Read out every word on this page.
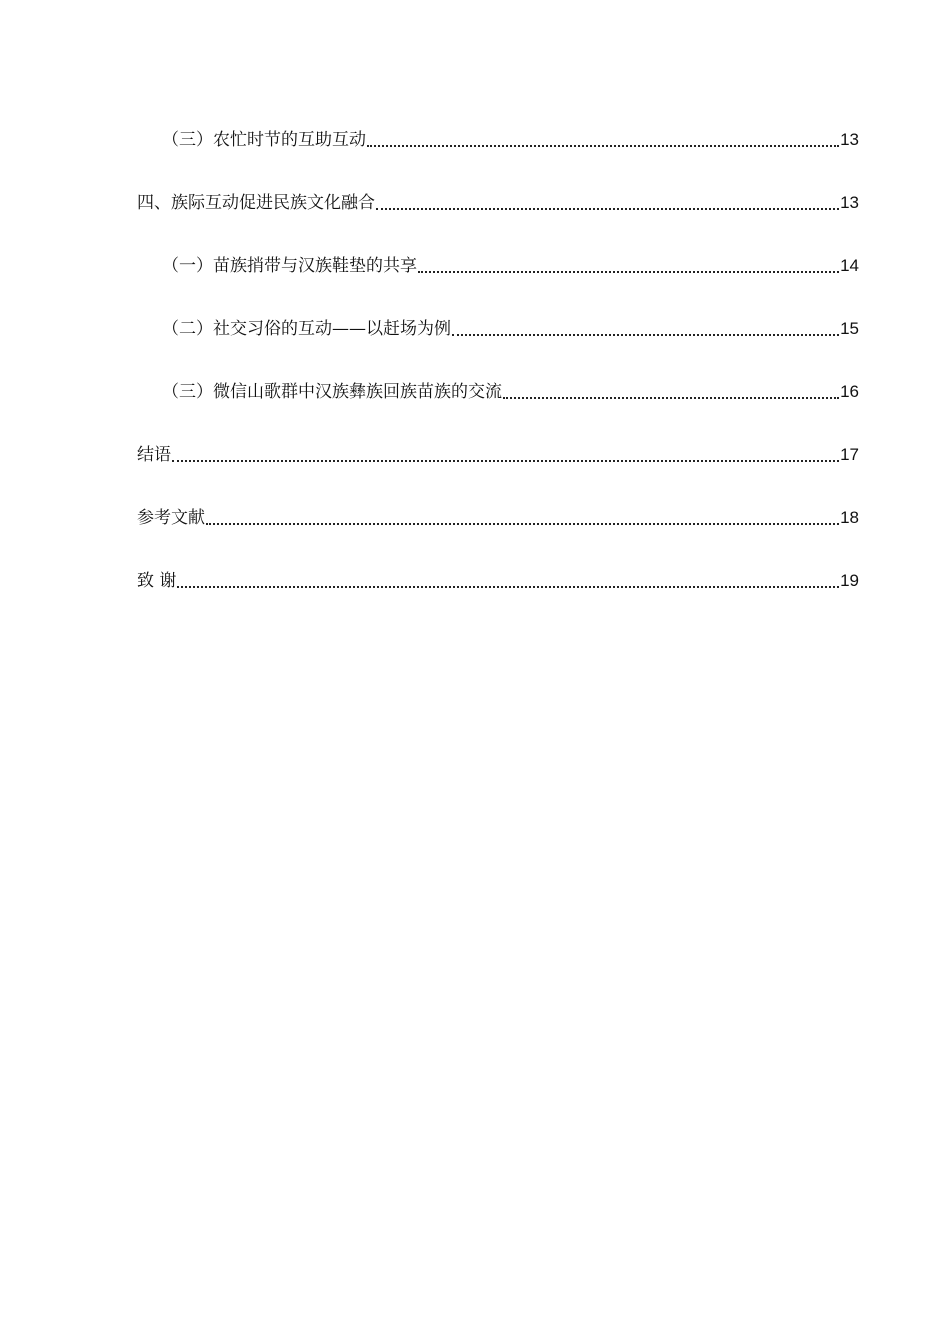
（三）农忙时节的互助互动	13
四、族际互动促进民族文化融合	13
（一）苗族捎带与汉族鞋垫的共享	14
（二）社交习俗的互动——以赶场为例	15
（三）微信山歌群中汉族彝族回族苗族的交流	16
结语	17
参考文献	18
致 谢	19
